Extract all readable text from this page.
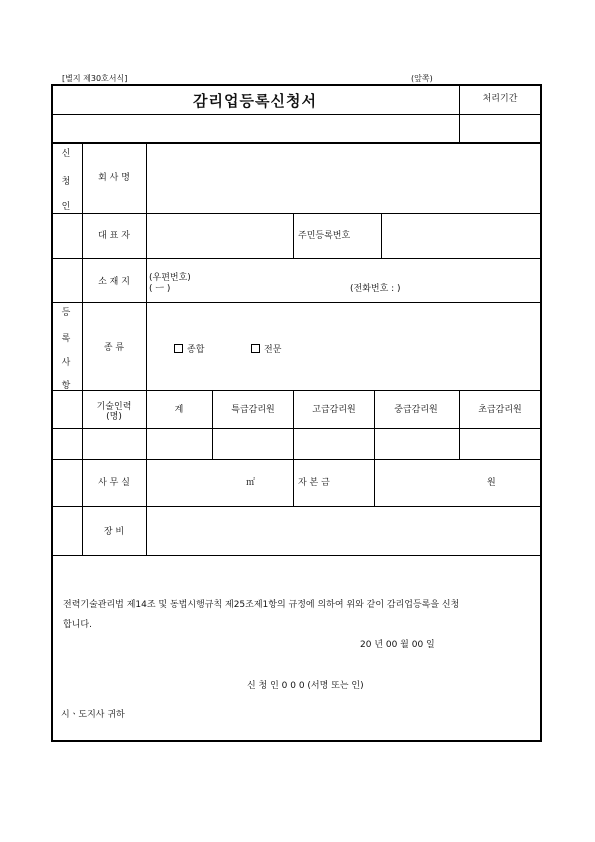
[별지 제30호서식]	(앞쪽)
감리업등록신청서	처리기간
신
청
인
회 사 명
대 표 자	주민등록번호
소 재 지 (우편번호)
( ㅡ )	(전화번호 : )
등
록
사
항
종 류	종합	전문
기술인력
(명)
계	특급감리원	고급감리원	중급감리원	초급감리원
사 무 실	㎡	자 본 금	원
장 비
전력기술관리법 제14조 및 동법시행규칙 제25조제1항의 규정에 의하여 위와 같이 감리업등록을 신청
합니다.
20 년 00 월 00 일
신 청 인 0 0 0 (서명 또는 인)
시ㆍ도지사 귀하
